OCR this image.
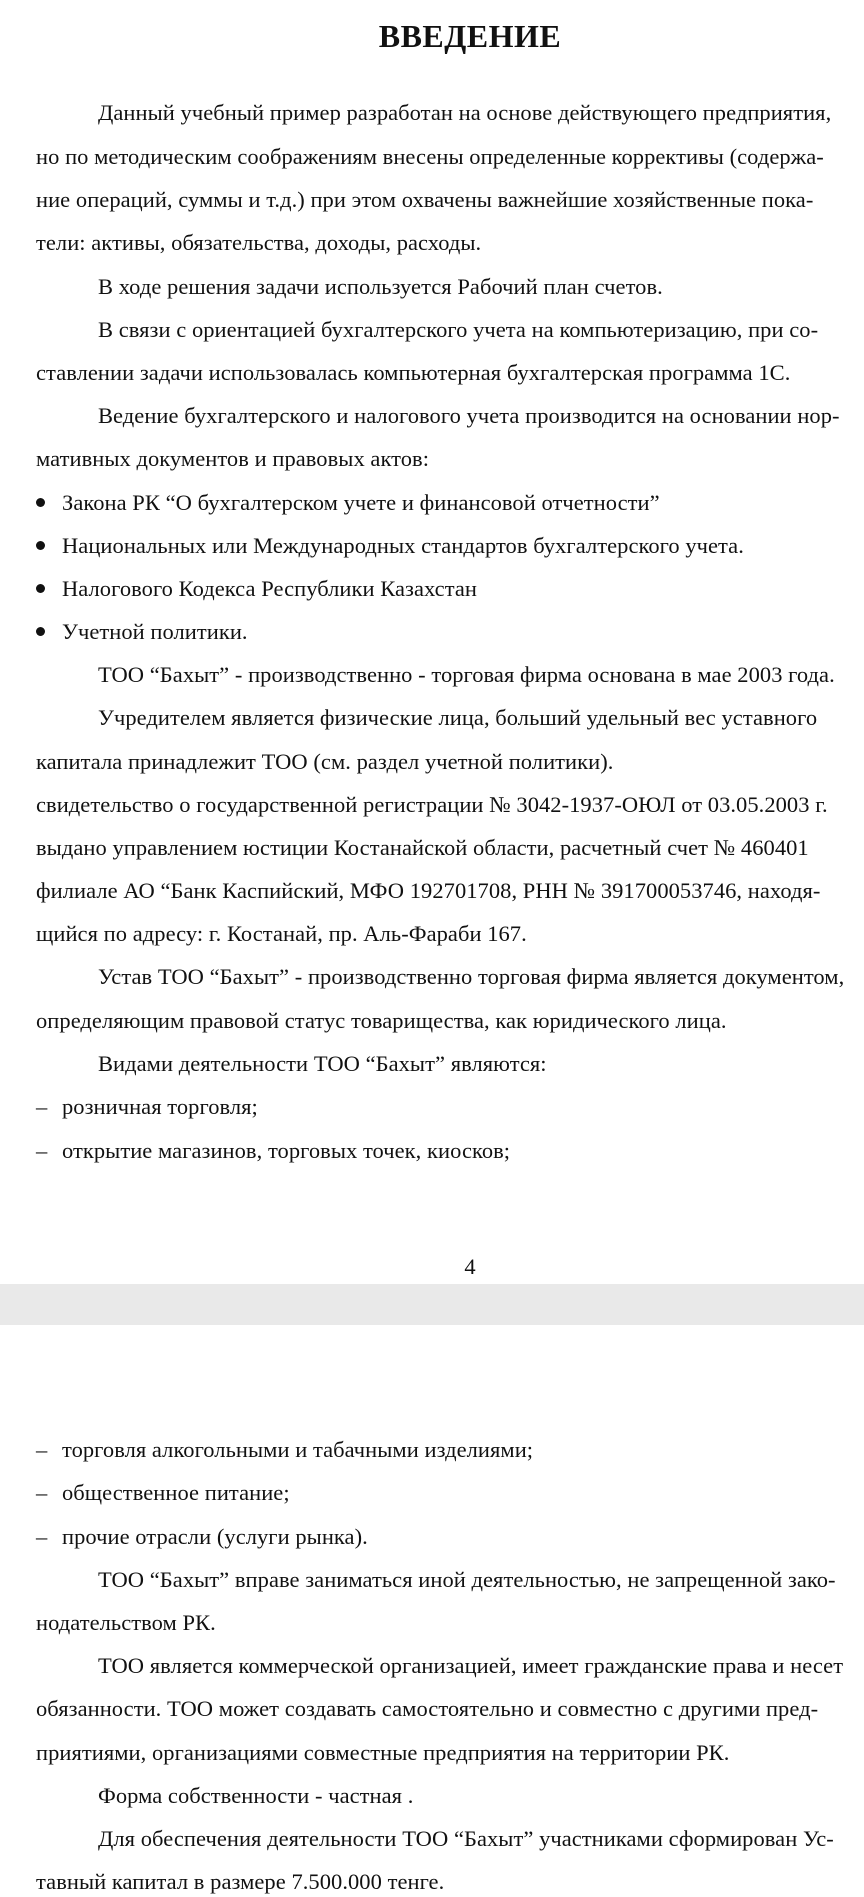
ВВЕДЕНИЕ
Данный учебный пример разработан на основе действующего предприятия,
но по методическим соображениям внесены определенные коррективы (содержа-
ние операций, суммы и т.д.) при этом охвачены важнейшие хозяйственные пока-
тели: активы, обязательства, доходы, расходы.
В ходе решения задачи используется Рабочий план счетов.
В связи с ориентацией бухгалтерского учета на компьютеризацию, при со-
ставлении задачи использовалась компьютерная бухгалтерская программа 1С.
Ведение бухгалтерского и налогового учета производится на основании нор-
мативных документов и правовых актов:
Закона РК “О бухгалтерском учете и финансовой отчетности”
Национальных или Международных стандартов бухгалтерского учета.
Налогового Кодекса Республики Казахстан
Учетной политики.
ТОО “Бахыт” - производственно - торговая фирма основана в мае 2003 года.
Учредителем является физические лица, больший удельный вес уставного
капитала принадлежит ТОО (см. раздел учетной политики).
свидетельство о государственной регистрации № 3042-1937-ОЮЛ от 03.05.2003 г.
выдано управлением юстиции Костанайской области, расчетный счет № 460401
филиале АО “Банк Каспийский, МФО 192701708, РНН № 391700053746, находя-
щийся по адресу: г. Костанай, пр. Аль-Фараби 167.
Устав ТОО “Бахыт” - производственно торговая фирма является документом,
определяющим правовой статус товарищества, как юридического лица.
Видами деятельности ТОО “Бахыт” являются:
– розничная торговля;
– открытие магазинов, торговых точек, киосков;
4
– торговля алкогольными и табачными изделиями;
– общественное питание;
– прочие отрасли (услуги рынка).
ТОО “Бахыт” вправе заниматься иной деятельностью, не запрещенной зако-
нодательством РК.
ТОО является коммерческой организацией, имеет гражданские права и несет
обязанности. ТОО может создавать самостоятельно и совместно с другими пред-
приятиями, организациями совместные предприятия на территории РК.
Форма собственности - частная .
Для обеспечения деятельности ТОО “Бахыт” участниками сформирован Ус-
тавный капитал в размере 7.500.000 тенге.
